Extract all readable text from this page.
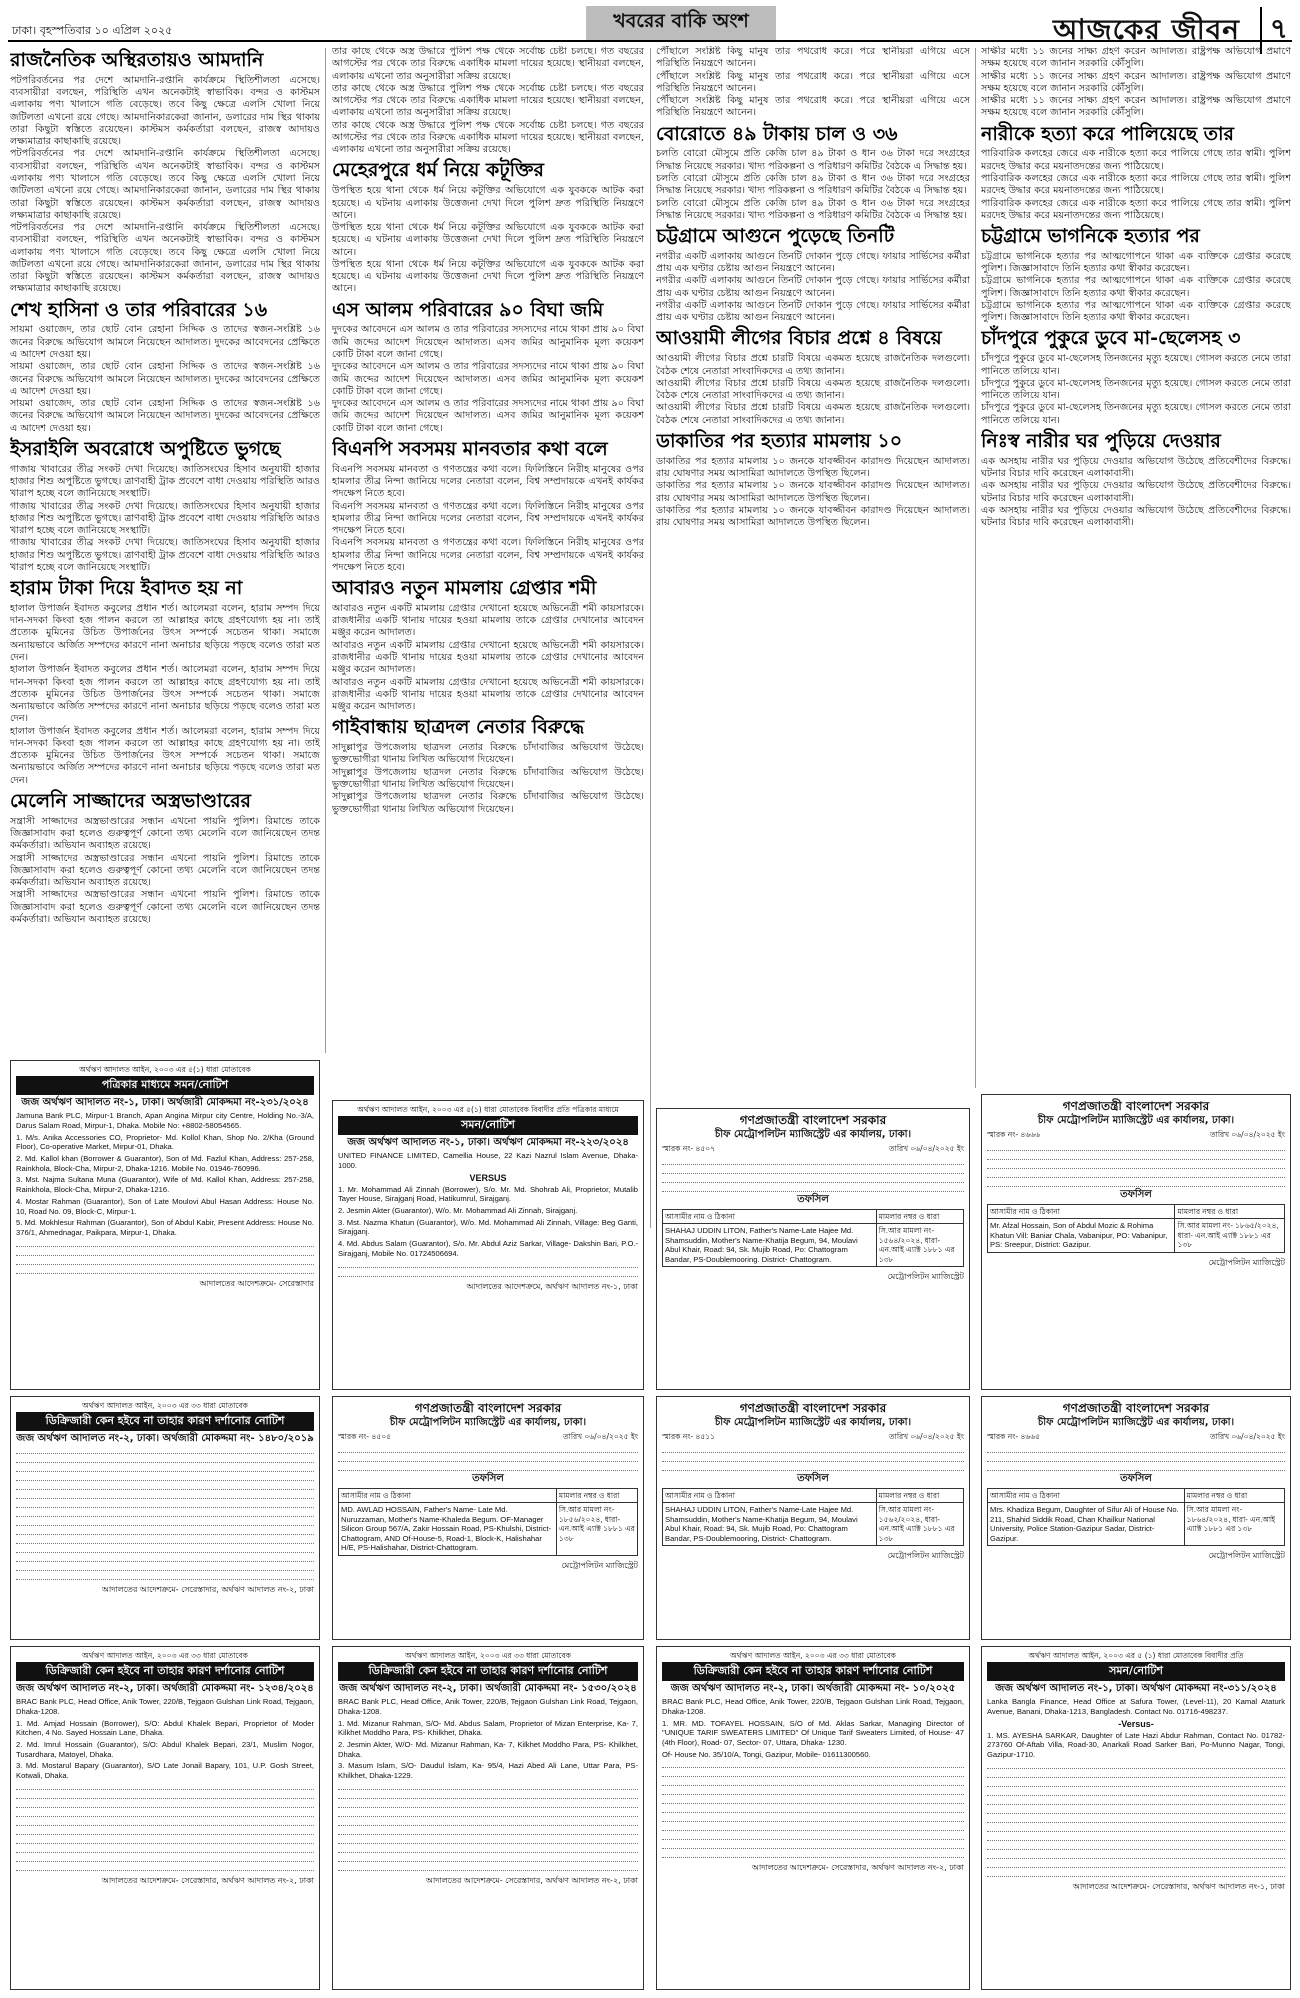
ঢাকা। বৃহস্পতিবার ১০ এপ্রিল ২০২৫	খবরের বাকি অংশ	আজকের জীবন	৭
রাজনৈতিক অস্থিরতায়ও আমদানি

পটপরিবর্তনের পর দেশে আমদানি-রপ্তানি কার্যক্রমে স্থিতিশীলতা এসেছে। ব্যবসায়ীরা বলছেন, পরিস্থিতি এখন অনেকটাই স্বাভাবিক। বন্দর ও কাস্টমস এলাকায় পণ্য খালাসে গতি বেড়েছে। তবে কিছু ক্ষেত্রে এলসি খোলা নিয়ে জটিলতা এখনো রয়ে গেছে। আমদানিকারকেরা জানান, ডলারের দাম স্থির থাকায় তারা কিছুটা স্বস্তিতে রয়েছেন। কাস্টমস কর্মকর্তারা বলছেন, রাজস্ব আদায়ও লক্ষ্যমাত্রার কাছাকাছি রয়েছে।

পটপরিবর্তনের পর দেশে আমদানি-রপ্তানি কার্যক্রমে স্থিতিশীলতা এসেছে। ব্যবসায়ীরা বলছেন, পরিস্থিতি এখন অনেকটাই স্বাভাবিক। বন্দর ও কাস্টমস এলাকায় পণ্য খালাসে গতি বেড়েছে। তবে কিছু ক্ষেত্রে এলসি খোলা নিয়ে জটিলতা এখনো রয়ে গেছে। আমদানিকারকেরা জানান, ডলারের দাম স্থির থাকায় তারা কিছুটা স্বস্তিতে রয়েছেন। কাস্টমস কর্মকর্তারা বলছেন, রাজস্ব আদায়ও লক্ষ্যমাত্রার কাছাকাছি রয়েছে।

পটপরিবর্তনের পর দেশে আমদানি-রপ্তানি কার্যক্রমে স্থিতিশীলতা এসেছে। ব্যবসায়ীরা বলছেন, পরিস্থিতি এখন অনেকটাই স্বাভাবিক। বন্দর ও কাস্টমস এলাকায় পণ্য খালাসে গতি বেড়েছে। তবে কিছু ক্ষেত্রে এলসি খোলা নিয়ে জটিলতা এখনো রয়ে গেছে। আমদানিকারকেরা জানান, ডলারের দাম স্থির থাকায় তারা কিছুটা স্বস্তিতে রয়েছেন। কাস্টমস কর্মকর্তারা বলছেন, রাজস্ব আদায়ও লক্ষ্যমাত্রার কাছাকাছি রয়েছে।

শেখ হাসিনা ও তার পরিবারের ১৬

সায়মা ওয়াজেদ, তার ছোট বোন রেহানা সিদ্দিক ও তাদের স্বজন-সংশ্লিষ্ট ১৬ জনের বিরুদ্ধে অভিযোগ আমলে নিয়েছেন আদালত। দুদকের আবেদনের প্রেক্ষিতে এ আদেশ দেওয়া হয়।

সায়মা ওয়াজেদ, তার ছোট বোন রেহানা সিদ্দিক ও তাদের স্বজন-সংশ্লিষ্ট ১৬ জনের বিরুদ্ধে অভিযোগ আমলে নিয়েছেন আদালত। দুদকের আবেদনের প্রেক্ষিতে এ আদেশ দেওয়া হয়।

সায়মা ওয়াজেদ, তার ছোট বোন রেহানা সিদ্দিক ও তাদের স্বজন-সংশ্লিষ্ট ১৬ জনের বিরুদ্ধে অভিযোগ আমলে নিয়েছেন আদালত। দুদকের আবেদনের প্রেক্ষিতে এ আদেশ দেওয়া হয়।

ইসরাইলি অবরোধে অপুষ্টিতে ভুগছে

গাজায় খাবারের তীব্র সংকট দেখা দিয়েছে। জাতিসংঘের হিসাব অনুযায়ী হাজার হাজার শিশু অপুষ্টিতে ভুগছে। ত্রাণবাহী ট্রাক প্রবেশে বাধা দেওয়ায় পরিস্থিতি আরও খারাপ হচ্ছে বলে জানিয়েছে সংস্থাটি।

গাজায় খাবারের তীব্র সংকট দেখা দিয়েছে। জাতিসংঘের হিসাব অনুযায়ী হাজার হাজার শিশু অপুষ্টিতে ভুগছে। ত্রাণবাহী ট্রাক প্রবেশে বাধা দেওয়ায় পরিস্থিতি আরও খারাপ হচ্ছে বলে জানিয়েছে সংস্থাটি।

গাজায় খাবারের তীব্র সংকট দেখা দিয়েছে। জাতিসংঘের হিসাব অনুযায়ী হাজার হাজার শিশু অপুষ্টিতে ভুগছে। ত্রাণবাহী ট্রাক প্রবেশে বাধা দেওয়ায় পরিস্থিতি আরও খারাপ হচ্ছে বলে জানিয়েছে সংস্থাটি।

হারাম টাকা দিয়ে ইবাদত হয় না

হালাল উপার্জন ইবাদত কবুলের প্রধান শর্ত। আলেমরা বলেন, হারাম সম্পদ দিয়ে দান-সদকা কিংবা হজ পালন করলে তা আল্লাহর কাছে গ্রহণযোগ্য হয় না। তাই প্রত্যেক মুমিনের উচিত উপার্জনের উৎস সম্পর্কে সচেতন থাকা। সমাজে অন্যায়ভাবে অর্জিত সম্পদের কারণে নানা অনাচার ছড়িয়ে পড়ছে বলেও তারা মত দেন।

হালাল উপার্জন ইবাদত কবুলের প্রধান শর্ত। আলেমরা বলেন, হারাম সম্পদ দিয়ে দান-সদকা কিংবা হজ পালন করলে তা আল্লাহর কাছে গ্রহণযোগ্য হয় না। তাই প্রত্যেক মুমিনের উচিত উপার্জনের উৎস সম্পর্কে সচেতন থাকা। সমাজে অন্যায়ভাবে অর্জিত সম্পদের কারণে নানা অনাচার ছড়িয়ে পড়ছে বলেও তারা মত দেন।

হালাল উপার্জন ইবাদত কবুলের প্রধান শর্ত। আলেমরা বলেন, হারাম সম্পদ দিয়ে দান-সদকা কিংবা হজ পালন করলে তা আল্লাহর কাছে গ্রহণযোগ্য হয় না। তাই প্রত্যেক মুমিনের উচিত উপার্জনের উৎস সম্পর্কে সচেতন থাকা। সমাজে অন্যায়ভাবে অর্জিত সম্পদের কারণে নানা অনাচার ছড়িয়ে পড়ছে বলেও তারা মত দেন।

মেলেনি সাজ্জাদের অস্ত্রভাণ্ডারের

সন্ত্রাসী সাজ্জাদের অস্ত্রভাণ্ডারের সন্ধান এখনো পায়নি পুলিশ। রিমান্ডে তাকে জিজ্ঞাসাবাদ করা হলেও গুরুত্বপূর্ণ কোনো তথ্য মেলেনি বলে জানিয়েছেন তদন্ত কর্মকর্তারা। অভিযান অব্যাহত রয়েছে।

সন্ত্রাসী সাজ্জাদের অস্ত্রভাণ্ডারের সন্ধান এখনো পায়নি পুলিশ। রিমান্ডে তাকে জিজ্ঞাসাবাদ করা হলেও গুরুত্বপূর্ণ কোনো তথ্য মেলেনি বলে জানিয়েছেন তদন্ত কর্মকর্তারা। অভিযান অব্যাহত রয়েছে।

সন্ত্রাসী সাজ্জাদের অস্ত্রভাণ্ডারের সন্ধান এখনো পায়নি পুলিশ। রিমান্ডে তাকে জিজ্ঞাসাবাদ করা হলেও গুরুত্বপূর্ণ কোনো তথ্য মেলেনি বলে জানিয়েছেন তদন্ত কর্মকর্তারা। অভিযান অব্যাহত রয়েছে।

তার কাছে থেকে অস্ত্র উদ্ধারে পুলিশ পক্ষ থেকে সর্বোচ্চ চেষ্টা চলছে। গত বছরের আগস্টের পর থেকে তার বিরুদ্ধে একাধিক মামলা দায়ের হয়েছে। স্থানীয়রা বলছেন, এলাকায় এখনো তার অনুসারীরা সক্রিয় রয়েছে।

তার কাছে থেকে অস্ত্র উদ্ধারে পুলিশ পক্ষ থেকে সর্বোচ্চ চেষ্টা চলছে। গত বছরের আগস্টের পর থেকে তার বিরুদ্ধে একাধিক মামলা দায়ের হয়েছে। স্থানীয়রা বলছেন, এলাকায় এখনো তার অনুসারীরা সক্রিয় রয়েছে।

তার কাছে থেকে অস্ত্র উদ্ধারে পুলিশ পক্ষ থেকে সর্বোচ্চ চেষ্টা চলছে। গত বছরের আগস্টের পর থেকে তার বিরুদ্ধে একাধিক মামলা দায়ের হয়েছে। স্থানীয়রা বলছেন, এলাকায় এখনো তার অনুসারীরা সক্রিয় রয়েছে।

মেহেরপুরে ধর্ম নিয়ে কটূক্তির

উপস্থিত হয়ে থানা থেকে ধর্ম নিয়ে কটূক্তির অভিযোগে এক যুবককে আটক করা হয়েছে। এ ঘটনায় এলাকায় উত্তেজনা দেখা দিলে পুলিশ দ্রুত পরিস্থিতি নিয়ন্ত্রণে আনে।

উপস্থিত হয়ে থানা থেকে ধর্ম নিয়ে কটূক্তির অভিযোগে এক যুবককে আটক করা হয়েছে। এ ঘটনায় এলাকায় উত্তেজনা দেখা দিলে পুলিশ দ্রুত পরিস্থিতি নিয়ন্ত্রণে আনে।

উপস্থিত হয়ে থানা থেকে ধর্ম নিয়ে কটূক্তির অভিযোগে এক যুবককে আটক করা হয়েছে। এ ঘটনায় এলাকায় উত্তেজনা দেখা দিলে পুলিশ দ্রুত পরিস্থিতি নিয়ন্ত্রণে আনে।

এস আলম পরিবারের ৯০ বিঘা জমি

দুদকের আবেদনে এস আলম ও তার পরিবারের সদস্যদের নামে থাকা প্রায় ৯০ বিঘা জমি জব্দের আদেশ দিয়েছেন আদালত। এসব জমির আনুমানিক মূল্য কয়েকশ কোটি টাকা বলে জানা গেছে।

দুদকের আবেদনে এস আলম ও তার পরিবারের সদস্যদের নামে থাকা প্রায় ৯০ বিঘা জমি জব্দের আদেশ দিয়েছেন আদালত। এসব জমির আনুমানিক মূল্য কয়েকশ কোটি টাকা বলে জানা গেছে।

দুদকের আবেদনে এস আলম ও তার পরিবারের সদস্যদের নামে থাকা প্রায় ৯০ বিঘা জমি জব্দের আদেশ দিয়েছেন আদালত। এসব জমির আনুমানিক মূল্য কয়েকশ কোটি টাকা বলে জানা গেছে।

বিএনপি সবসময় মানবতার কথা বলে

বিএনপি সবসময় মানবতা ও গণতন্ত্রের কথা বলে। ফিলিস্তিনে নিরীহ মানুষের ওপর হামলার তীব্র নিন্দা জানিয়ে দলের নেতারা বলেন, বিশ্ব সম্প্রদায়কে এখনই কার্যকর পদক্ষেপ নিতে হবে।

বিএনপি সবসময় মানবতা ও গণতন্ত্রের কথা বলে। ফিলিস্তিনে নিরীহ মানুষের ওপর হামলার তীব্র নিন্দা জানিয়ে দলের নেতারা বলেন, বিশ্ব সম্প্রদায়কে এখনই কার্যকর পদক্ষেপ নিতে হবে।

বিএনপি সবসময় মানবতা ও গণতন্ত্রের কথা বলে। ফিলিস্তিনে নিরীহ মানুষের ওপর হামলার তীব্র নিন্দা জানিয়ে দলের নেতারা বলেন, বিশ্ব সম্প্রদায়কে এখনই কার্যকর পদক্ষেপ নিতে হবে।

আবারও নতুন মামলায় গ্রেপ্তার শমী

আবারও নতুন একটি মামলায় গ্রেপ্তার দেখানো হয়েছে অভিনেত্রী শমী কায়সারকে। রাজধানীর একটি থানায় দায়ের হওয়া মামলায় তাকে গ্রেপ্তার দেখানোর আবেদন মঞ্জুর করেন আদালত।

আবারও নতুন একটি মামলায় গ্রেপ্তার দেখানো হয়েছে অভিনেত্রী শমী কায়সারকে। রাজধানীর একটি থানায় দায়ের হওয়া মামলায় তাকে গ্রেপ্তার দেখানোর আবেদন মঞ্জুর করেন আদালত।

আবারও নতুন একটি মামলায় গ্রেপ্তার দেখানো হয়েছে অভিনেত্রী শমী কায়সারকে। রাজধানীর একটি থানায় দায়ের হওয়া মামলায় তাকে গ্রেপ্তার দেখানোর আবেদন মঞ্জুর করেন আদালত।

গাইবান্ধায় ছাত্রদল নেতার বিরুদ্ধে

সাদুল্লাপুর উপজেলায় ছাত্রদল নেতার বিরুদ্ধে চাঁদাবাজির অভিযোগ উঠেছে। ভুক্তভোগীরা থানায় লিখিত অভিযোগ দিয়েছেন।

সাদুল্লাপুর উপজেলায় ছাত্রদল নেতার বিরুদ্ধে চাঁদাবাজির অভিযোগ উঠেছে। ভুক্তভোগীরা থানায় লিখিত অভিযোগ দিয়েছেন।

সাদুল্লাপুর উপজেলায় ছাত্রদল নেতার বিরুদ্ধে চাঁদাবাজির অভিযোগ উঠেছে। ভুক্তভোগীরা থানায় লিখিত অভিযোগ দিয়েছেন।

পৌঁছালে সংশ্লিষ্ট কিছু মানুষ তার পথরোধ করে। পরে স্থানীয়রা এগিয়ে এসে পরিস্থিতি নিয়ন্ত্রণে আনেন।

পৌঁছালে সংশ্লিষ্ট কিছু মানুষ তার পথরোধ করে। পরে স্থানীয়রা এগিয়ে এসে পরিস্থিতি নিয়ন্ত্রণে আনেন।

পৌঁছালে সংশ্লিষ্ট কিছু মানুষ তার পথরোধ করে। পরে স্থানীয়রা এগিয়ে এসে পরিস্থিতি নিয়ন্ত্রণে আনেন।

বোরোতে ৪৯ টাকায় চাল ও ৩৬

চলতি বোরো মৌসুমে প্রতি কেজি চাল ৪৯ টাকা ও ধান ৩৬ টাকা দরে সংগ্রহের সিদ্ধান্ত নিয়েছে সরকার। খাদ্য পরিকল্পনা ও পরিধারণ কমিটির বৈঠকে এ সিদ্ধান্ত হয়।

চলতি বোরো মৌসুমে প্রতি কেজি চাল ৪৯ টাকা ও ধান ৩৬ টাকা দরে সংগ্রহের সিদ্ধান্ত নিয়েছে সরকার। খাদ্য পরিকল্পনা ও পরিধারণ কমিটির বৈঠকে এ সিদ্ধান্ত হয়।

চলতি বোরো মৌসুমে প্রতি কেজি চাল ৪৯ টাকা ও ধান ৩৬ টাকা দরে সংগ্রহের সিদ্ধান্ত নিয়েছে সরকার। খাদ্য পরিকল্পনা ও পরিধারণ কমিটির বৈঠকে এ সিদ্ধান্ত হয়।

চট্টগ্রামে আগুনে পুড়েছে তিনটি

নগরীর একটি এলাকায় আগুনে তিনটি দোকান পুড়ে গেছে। ফায়ার সার্ভিসের কর্মীরা প্রায় এক ঘণ্টার চেষ্টায় আগুন নিয়ন্ত্রণে আনেন।

নগরীর একটি এলাকায় আগুনে তিনটি দোকান পুড়ে গেছে। ফায়ার সার্ভিসের কর্মীরা প্রায় এক ঘণ্টার চেষ্টায় আগুন নিয়ন্ত্রণে আনেন।

নগরীর একটি এলাকায় আগুনে তিনটি দোকান পুড়ে গেছে। ফায়ার সার্ভিসের কর্মীরা প্রায় এক ঘণ্টার চেষ্টায় আগুন নিয়ন্ত্রণে আনেন।

আওয়ামী লীগের বিচার প্রশ্নে ৪ বিষয়ে

আওয়ামী লীগের বিচার প্রশ্নে চারটি বিষয়ে একমত হয়েছে রাজনৈতিক দলগুলো। বৈঠক শেষে নেতারা সাংবাদিকদের এ তথ্য জানান।

আওয়ামী লীগের বিচার প্রশ্নে চারটি বিষয়ে একমত হয়েছে রাজনৈতিক দলগুলো। বৈঠক শেষে নেতারা সাংবাদিকদের এ তথ্য জানান।

আওয়ামী লীগের বিচার প্রশ্নে চারটি বিষয়ে একমত হয়েছে রাজনৈতিক দলগুলো। বৈঠক শেষে নেতারা সাংবাদিকদের এ তথ্য জানান।

ডাকাতির পর হত্যার মামলায় ১০

ডাকাতির পর হত্যার মামলায় ১০ জনকে যাবজ্জীবন কারাদণ্ড দিয়েছেন আদালত। রায় ঘোষণার সময় আসামিরা আদালতে উপস্থিত ছিলেন।

ডাকাতির পর হত্যার মামলায় ১০ জনকে যাবজ্জীবন কারাদণ্ড দিয়েছেন আদালত। রায় ঘোষণার সময় আসামিরা আদালতে উপস্থিত ছিলেন।

ডাকাতির পর হত্যার মামলায় ১০ জনকে যাবজ্জীবন কারাদণ্ড দিয়েছেন আদালত। রায় ঘোষণার সময় আসামিরা আদালতে উপস্থিত ছিলেন।

সাক্ষীর মধ্যে ১১ জনের সাক্ষ্য গ্রহণ করেন আদালত। রাষ্ট্রপক্ষ অভিযোগ প্রমাণে সক্ষম হয়েছে বলে জানান সরকারি কৌঁসুলি।

সাক্ষীর মধ্যে ১১ জনের সাক্ষ্য গ্রহণ করেন আদালত। রাষ্ট্রপক্ষ অভিযোগ প্রমাণে সক্ষম হয়েছে বলে জানান সরকারি কৌঁসুলি।

সাক্ষীর মধ্যে ১১ জনের সাক্ষ্য গ্রহণ করেন আদালত। রাষ্ট্রপক্ষ অভিযোগ প্রমাণে সক্ষম হয়েছে বলে জানান সরকারি কৌঁসুলি।

নারীকে হত্যা করে পালিয়েছে তার

পারিবারিক কলহের জেরে এক নারীকে হত্যা করে পালিয়ে গেছে তার স্বামী। পুলিশ মরদেহ উদ্ধার করে ময়নাতদন্তের জন্য পাঠিয়েছে।

পারিবারিক কলহের জেরে এক নারীকে হত্যা করে পালিয়ে গেছে তার স্বামী। পুলিশ মরদেহ উদ্ধার করে ময়নাতদন্তের জন্য পাঠিয়েছে।

পারিবারিক কলহের জেরে এক নারীকে হত্যা করে পালিয়ে গেছে তার স্বামী। পুলিশ মরদেহ উদ্ধার করে ময়নাতদন্তের জন্য পাঠিয়েছে।

চট্টগ্রামে ভাগনিকে হত্যার পর

চট্টগ্রামে ভাগনিকে হত্যার পর আত্মগোপনে থাকা এক ব্যক্তিকে গ্রেপ্তার করেছে পুলিশ। জিজ্ঞাসাবাদে তিনি হত্যার কথা স্বীকার করেছেন।

চট্টগ্রামে ভাগনিকে হত্যার পর আত্মগোপনে থাকা এক ব্যক্তিকে গ্রেপ্তার করেছে পুলিশ। জিজ্ঞাসাবাদে তিনি হত্যার কথা স্বীকার করেছেন।

চট্টগ্রামে ভাগনিকে হত্যার পর আত্মগোপনে থাকা এক ব্যক্তিকে গ্রেপ্তার করেছে পুলিশ। জিজ্ঞাসাবাদে তিনি হত্যার কথা স্বীকার করেছেন।

চাঁদপুরে পুকুরে ডুবে মা-ছেলেসহ ৩

চাঁদপুরে পুকুরে ডুবে মা-ছেলেসহ তিনজনের মৃত্যু হয়েছে। গোসল করতে নেমে তারা পানিতে তলিয়ে যান।

চাঁদপুরে পুকুরে ডুবে মা-ছেলেসহ তিনজনের মৃত্যু হয়েছে। গোসল করতে নেমে তারা পানিতে তলিয়ে যান।

চাঁদপুরে পুকুরে ডুবে মা-ছেলেসহ তিনজনের মৃত্যু হয়েছে। গোসল করতে নেমে তারা পানিতে তলিয়ে যান।

নিঃস্ব নারীর ঘর পুড়িয়ে দেওয়ার

এক অসহায় নারীর ঘর পুড়িয়ে দেওয়ার অভিযোগ উঠেছে প্রতিবেশীদের বিরুদ্ধে। ঘটনার বিচার দাবি করেছেন এলাকাবাসী।

এক অসহায় নারীর ঘর পুড়িয়ে দেওয়ার অভিযোগ উঠেছে প্রতিবেশীদের বিরুদ্ধে। ঘটনার বিচার দাবি করেছেন এলাকাবাসী।

এক অসহায় নারীর ঘর পুড়িয়ে দেওয়ার অভিযোগ উঠেছে প্রতিবেশীদের বিরুদ্ধে। ঘটনার বিচার দাবি করেছেন এলাকাবাসী।

অর্থঋণ আদালত আইন, ২০০৩ এর ৫(১) ধারা মোতাবেক
পত্রিকার মাধ্যমে সমন/নোটিশ
জজ অর্থঋণ আদালত নং-১, ঢাকা। অর্থজারী মোকদ্দমা নং-২৩১/২০২৪
Jamuna Bank PLC, Mirpur-1 Branch, Apan Angina Mirpur city Centre, Holding No.-3/A, Darus Salam Road, Mirpur-1, Dhaka. Mobile No: +8802-58054565.
1. M/s. Anika Accessories CO, Proprietor- Md. Kollol Khan, Shop No. 2/Kha (Ground Floor), Co-operative Market, Mirpur-01, Dhaka.
2. Md. Kallol khan (Borrower & Guarantor), Son of Md. Fazlul Khan, Address: 257-258, Rainkhola, Block-Cha, Mirpur-2, Dhaka-1216. Mobile No. 01946-760996.
3. Mst. Najma Sultana Muna (Guarantor), Wife of Md. Kallol Khan, Address: 257-258, Rainkhola, Block-Cha, Mirpur-2, Dhaka-1216.
4. Mostar Rahman (Guarantor), Son of Late Moulovi Abul Hasan Address: House No. 10, Road No. 09, Block-C, Mirpur-1.
5. Md. Mokhlesur Rahman (Guarantor), Son of Abdul Kabir, Present Address: House No. 376/1, Ahmednagar, Paikpara, Mirpur-1, Dhaka.
আদালতের আদেশক্রমে- সেরেস্তাদার
অর্থঋণ আদালত আইন, ২০০৩ এর ৫(১) ধারা মোতাবেক বিবাদীর প্রতি পত্রিকার মাধ্যমে
সমন/নোটিশ
জজ অর্থঋণ আদালত নং-১, ঢাকা। অর্থঋণ মোকদ্দমা নং-২২৩/২০২৪
UNITED FINANCE LIMITED, Camellia House, 22 Kazi Nazrul Islam Avenue, Dhaka-1000.
VERSUS
1. Mr. Mohammad Ali Zinnah (Borrower), S/o. Mr. Md. Shohrab Ali, Proprietor, Mutalib Tayer House, Sirajganj Road, Hatikumrul, Sirajganj.
2. Jesmin Akter (Guarantor), W/o. Mr. Mohammad Ali Zinnah, Sirajganj.
3. Mst. Nazma Khatun (Guarantor), W/o. Md. Mohammad Ali Zinnah, Village: Beg Ganti, Sirajganj.
4. Md. Abdus Salam (Guarantor), S/o. Mr. Abdul Aziz Sarkar, Village- Dakshin Bari, P.O.- Sirajganj, Mobile No. 01724506694.
আদালতের আদেশক্রমে, অর্থঋণ আদালত নং-১, ঢাকা
গণপ্রজাতন্ত্রী বাংলাদেশ সরকার
চীফ মেট্রোপলিটন ম্যাজিস্ট্রেট এর কার্যালয়, ঢাকা।
স্মারক নং- ৪৫০৭	তারিখ ০৬/০৪/২০২৫ ইং
তফসিল
আসামীর নাম ও ঠিকানা	মামলার নম্বর ও ধারা
SHAHAJ UDDIN LITON, Father's Name-Late Hajee Md. Shamsuddin, Mother's Name-Khatija Begum, 94, Moulavi Abul Khair, Road: 94, Sk. Mujib Road, Po: Chattogram Bandar, PS-Doublemooring. District- Chattogram.	সি.আর মামলা নং- ১৫৬৪/২০২৪, ধারা- এন.আই এ্যাক্ট ১৮৮১ এর ১৩৮
মেট্রোপলিটন ম্যাজিস্ট্রেট
গণপ্রজাতন্ত্রী বাংলাদেশ সরকার
চীফ মেট্রোপলিটন ম্যাজিস্ট্রেট এর কার্যালয়, ঢাকা।
স্মারক নং- ৪৬৬৬	তারিখ ০৬/০৪/২০২৫ ইং
তফসিল
আসামীর নাম ও ঠিকানা	মামলার নম্বর ও ধারা
Mr. Afzal Hossain, Son of Abdul Mozic & Rohima Khatun Vill: Baniar Chala, Vabanipur, PO: Vabanipur, PS: Sreepur, District: Gazipur.	সি.আর মামলা নং- ১৮৬৫/২০২৪, ধারা- এন.আই এ্যাক্ট ১৮৮১ এর ১৩৮
মেট্রোপলিটন ম্যাজিস্ট্রেট
অর্থঋণ আদালত আইন, ২০০৩ এর ৩৩ ধারা মোতাবেক
ডিক্রিজারী কেন হইবে না তাহার কারণ দর্শানোর নোটিশ
জজ অর্থঋণ আদালত নং-২, ঢাকা। অর্থজারী মোকদ্দমা নং- ১৪৮০/২০১৯
আদালতের আদেশক্রমে- সেরেস্তাদার, অর্থঋণ আদালত নং-২, ঢাকা
গণপ্রজাতন্ত্রী বাংলাদেশ সরকার
চীফ মেট্রোপলিটন ম্যাজিস্ট্রেট এর কার্যালয়, ঢাকা।
স্মারক নং- ৪৫০৫	তারিখ ০৬/০৪/২০২৫ ইং
তফসিল
আসামীর নাম ও ঠিকানা	মামলার নম্বর ও ধারা
MD. AWLAD HOSSAIN, Father's Name- Late Md. Nuruzzaman, Mother's Name-Khaleda Begum. OF-Manager Silicon Group 567/A, Zakir Hossain Road, PS-Khulshi, District-Chattogram, AND Of-House-5, Road-1, Block-K, Halishahar H/E, PS-Halishahar, District-Chattogram.	সি.আর মামলা নং- ১৮৫৬/২০২৪, ধারা- এন.আই এ্যাক্ট ১৮৮১ এর ১৩৮
মেট্রোপলিটন ম্যাজিস্ট্রেট
গণপ্রজাতন্ত্রী বাংলাদেশ সরকার
চীফ মেট্রোপলিটন ম্যাজিস্ট্রেট এর কার্যালয়, ঢাকা।
স্মারক নং- ৪৫১১	তারিখ ০৬/০৪/২০২৫ ইং
তফসিল
আসামীর নাম ও ঠিকানা	মামলার নম্বর ও ধারা
SHAHAJ UDDIN LITON, Father's Name-Late Hajee Md. Shamsuddin, Mother's Name-Khatija Begum, 94, Moulavi Abul Khair, Road: 94, Sk. Mujib Road, Po: Chattogram Bandar, PS-Doublemooring, District- Chattogram.	সি.আর মামলা নং- ১৫৬২/২০২৪, ধারা- এন.আই এ্যাক্ট ১৮৮১ এর ১৩৮
মেট্রোপলিটন ম্যাজিস্ট্রেট
গণপ্রজাতন্ত্রী বাংলাদেশ সরকার
চীফ মেট্রোপলিটন ম্যাজিস্ট্রেট এর কার্যালয়, ঢাকা।
স্মারক নং- ৪৬৬৫	তারিখ ০৬/০৪/২০২৫ ইং
তফসিল
আসামীর নাম ও ঠিকানা	মামলার নম্বর ও ধারা
Mrs. Khadiza Begum, Daughter of Sifur Ali of House No. 211, Shahid Siddik Road, Chan Khailkur National University, Police Station-Gazipur Sadar, District-Gazipur.	সি.আর মামলা নং- ১৮৬৪/২০২৪, ধারা- এন.আই এ্যাক্ট ১৮৮১ এর ১৩৮
মেট্রোপলিটন ম্যাজিস্ট্রেট
অর্থঋণ আদালত আইন, ২০০৩ এর ৩৩ ধারা মোতাবেক
ডিক্রিজারী কেন হইবে না তাহার কারণ দর্শানোর নোটিশ
জজ অর্থঋণ আদালত নং-২, ঢাকা। অর্থজারী মোকদ্দমা নং- ১২৩৪/২০২৪
BRAC Bank PLC, Head Office, Anik Tower, 220/B, Tejgaon Gulshan Link Road, Tejgaon, Dhaka-1208.
1. Md. Amjad Hossain (Borrower), S/O: Abdul Khalek Bepari, Proprietor of Moder Kitchen, 4 No. Sayed Hossain Lane, Dhaka.
2. Md. Imrul Hossain (Guarantor), S/O: Abdul Khalek Bepari, 23/1, Muslim Nogor, Tusardhara, Matoyel, Dhaka.
3. Md. Mostarul Bapary (Guarantor), S/O Late Jonail Bapary, 101, U.P. Gosh Street, Kotwali, Dhaka.
আদালতের আদেশক্রমে- সেরেস্তাদার, অর্থঋণ আদালত নং-২, ঢাকা
অর্থঋণ আদালত আইন, ২০০৩ এর ৩৩ ধারা মোতাবেক
ডিক্রিজারী কেন হইবে না তাহার কারণ দর্শানোর নোটিশ
জজ অর্থঋণ আদালত নং-২, ঢাকা। অর্থজারী মোকদ্দমা নং- ১৫৩০/২০২৪
BRAC Bank PLC, Head Office, Anik Tower, 220/B, Tejgaon Gulshan Link Road, Tejgaon, Dhaka-1208.
1. Md. Mizanur Rahman, S/O- Md. Abdus Salam, Proprietor of Mizan Enterprise, Ka- 7, Kilkhet Moddho Para, PS- Khilkhet, Dhaka.
2. Jesmin Akter, W/O- Md. Mizanur Rahman, Ka- 7, Kilkhet Moddho Para, PS- Khilkhet, Dhaka.
3. Masum Islam, S/O- Daudul Islam, Ka- 95/4, Hazi Abed Ali Lane, Uttar Para, PS- Khilkhet, Dhaka-1229.
আদালতের আদেশক্রমে- সেরেস্তাদার, অর্থঋণ আদালত নং-২, ঢাকা
অর্থঋণ আদালত আইন, ২০০৩ এর ৩৩ ধারা মোতাবেক
ডিক্রিজারী কেন হইবে না তাহার কারণ দর্শানোর নোটিশ
জজ অর্থঋণ আদালত নং-২, ঢাকা। অর্থজারী মোকদ্দমা নং- ১০/২০২৫
BRAC Bank PLC, Head Office, Anik Tower, 220/B, Tejgaon Gulshan Link Road, Tejgaon, Dhaka-1208.
1. MR. MD. TOFAYEL HOSSAIN, S/O of Md. Aklas Sarkar, Managing Director of "UNIQUE TARIF SWEATERS LIMITED" Of Unique Tarif Sweaters Limited, of House- 47 (4th Floor), Road- 07, Sector- 07, Uttara, Dhaka- 1230.
Of- House No. 35/10/A, Tongi, Gazipur, Mobile- 01611300560.
আদালতের আদেশক্রমে- সেরেস্তাদার, অর্থঋণ আদালত নং-২, ঢাকা
অর্থঋণ আদালত আইন, ২০০৩ এর ৫ (১) ধারা মোতাবেক বিবাদীর প্রতি
সমন/নোটিশ
জজ অর্থঋণ আদালত নং-১, ঢাকা। অর্থঋণ মোকদ্দমা নং-৩১১/২০২৪
Lanka Bangla Finance, Head Office at Safura Tower, (Level-11), 20 Kamal Ataturk Avenue, Banani, Dhaka-1213, Bangladesh. Contact No. 01716-498237.
-Versus-
1. MS. AYESHA SARKAR, Daughter of Late Hazi Abdur Rahman, Contact No. 01782-273760 Of-Aftab Villa, Road-30, Anarkali Road Sarker Bari, Po-Munno Nagar, Tongi, Gazipur-1710.
আদালতের আদেশক্রমে- সেরেস্তাদার, অর্থঋণ আদালত নং-১, ঢাকা
